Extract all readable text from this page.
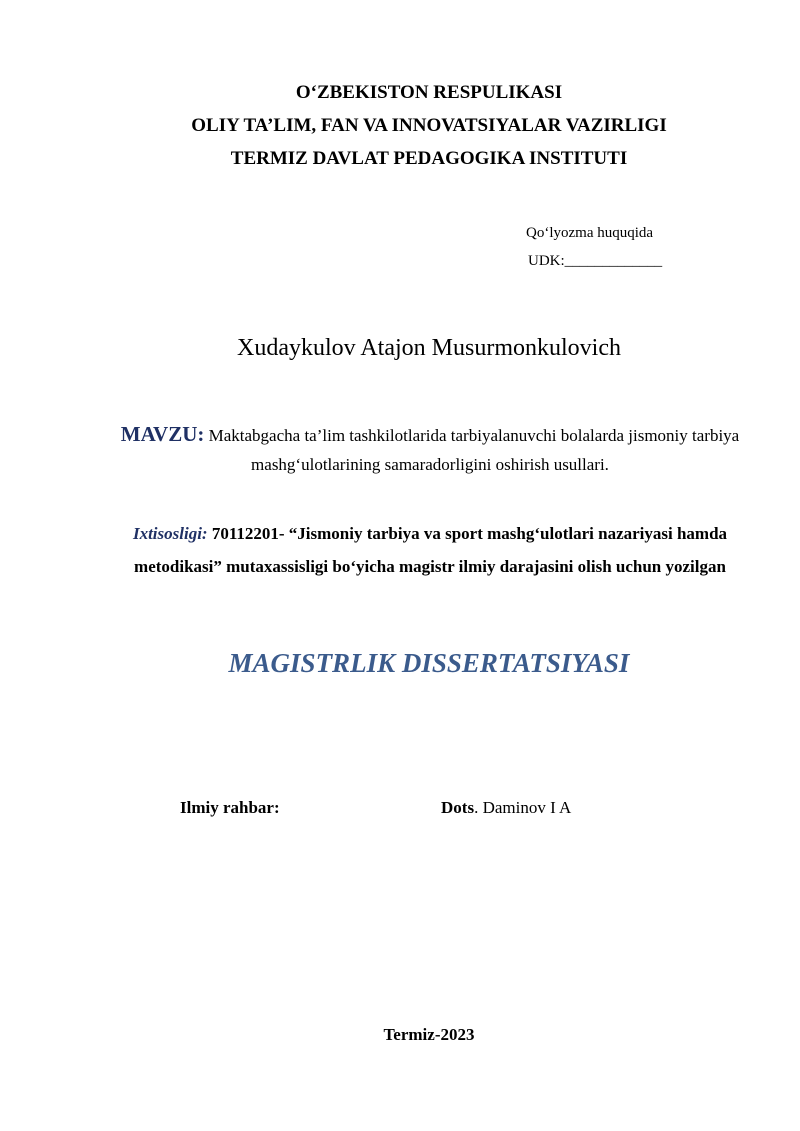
O‘ZBEKISTON RESPULIKASI
OLIY TA’LIM, FAN VA INNOVATSIYALAR VAZIRLIGI
TERMIZ DAVLAT PEDAGOGIKA INSTITUTI
Qo‘lyozma huquqida
UDK:_____________
Xudaykulov Atajon Musurmonkulovich
MAVZU: Maktabgacha ta’lim tashkilotlarida tarbiyalanuvchi bolalarda jismoniy tarbiya mashg‘ulotlarining samaradorligini oshirish usullari.
Ixtisosligi: 70112201- “Jismoniy tarbiya va sport mashg‘ulotlari nazariyasi hamda metodikasi” mutaxassisligi bo‘yicha magistr ilmiy darajasini olish uchun yozilgan
MAGISTRLIK DISSERTATSIYASI
Ilmiy rahbar:	Dots. Daminov I A
Termiz-2023
